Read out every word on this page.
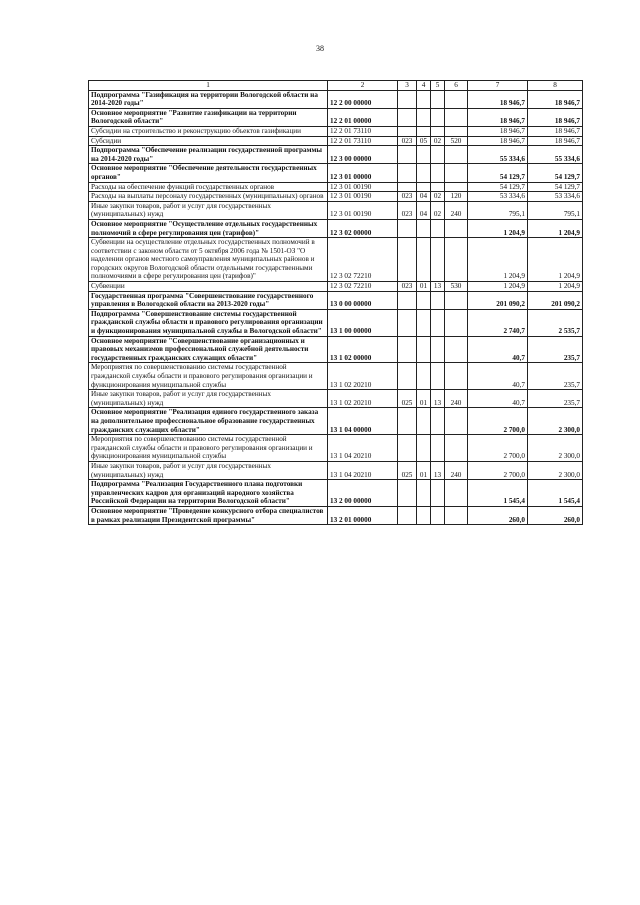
38
1	2	3	4	5	6	7	8
Подпрограмма "Газификация на территории Вологодской области на 2014-2020 годы"	12 2 00 00000					18 946,7	18 946,7
Основное мероприятие "Развитие газификации на территории Вологодской области"	12 2 01 00000					18 946,7	18 946,7
Субсидии на строительство и реконструкцию объектов газификации	12 2 01 73110					18 946,7	18 946,7
Субсидии	12 2 01 73110	023	05	02	520	18 946,7	18 946,7
Подпрограмма "Обеспечение реализации государственной программы на 2014-2020 годы"	12 3 00 00000					55 334,6	55 334,6
Основное мероприятие "Обеспечение деятельности государственных органов"	12 3 01 00000					54 129,7	54 129,7
Расходы на обеспечение функций государственных органов	12 3 01 00190					54 129,7	54 129,7
Расходы на выплаты персоналу государственных (муниципальных) органов	12 3 01 00190	023	04	02	120	53 334,6	53 334,6
Иные закупки товаров, работ и услуг для государственных (муниципальных) нужд	12 3 01 00190	023	04	02	240	795,1	795,1
Основное мероприятие "Осуществление отдельных государственных полномочий в сфере регулирования цен (тарифов)"	12 3 02 00000					1 204,9	1 204,9
Субвенции на осуществление отдельных государственных полномочий в соответствии с законом области от 5 октября 2006 года № 1501-ОЗ "О наделении органов местного самоуправления муниципальных районов и городских округов Вологодской области отдельными государственными полномочиями в сфере регулирования цен (тарифов)"	12 3 02 72210					1 204,9	1 204,9
Субвенции	12 3 02 72210	023	01	13	530	1 204,9	1 204,9
Государственная программа "Совершенствование государственного управления в Вологодской области на 2013-2020 годы"	13 0 00 00000					201 090,2	201 090,2
Подпрограмма "Совершенствование системы государственной гражданской службы области и правового регулирования организации и функционирования муниципальной службы в Вологодской области"	13 1 00 00000					2 740,7	2 535,7
Основное мероприятие "Совершенствование организационных и правовых механизмов профессиональной служебной деятельности государственных гражданских служащих области"	13 1 02 00000					40,7	235,7
Мероприятия по совершенствованию системы государственной гражданской службы области и правового регулирования организации и функционирования муниципальной службы	13 1 02 20210					40,7	235,7
Иные закупки товаров, работ и услуг для государственных (муниципальных) нужд	13 1 02 20210	025	01	13	240	40,7	235,7
Основное мероприятие "Реализация единого государственного заказа на дополнительное профессиональное образование государственных гражданских служащих области"	13 1 04 00000					2 700,0	2 300,0
Мероприятия по совершенствованию системы государственной гражданской службы области и правового регулирования организации и функционирования муниципальной службы	13 1 04 20210					2 700,0	2 300,0
Иные закупки товаров, работ и услуг для государственных (муниципальных) нужд	13 1 04 20210	025	01	13	240	2 700,0	2 300,0
Подпрограмма "Реализация Государственного плана подготовки управленческих кадров для организаций народного хозяйства Российской Федерации на территории Вологодской области"	13 2 00 00000					1 545,4	1 545,4
Основное мероприятие "Проведение конкурсного отбора специалистов в рамках реализации Президентской программы"	13 2 01 00000					260,0	260,0
